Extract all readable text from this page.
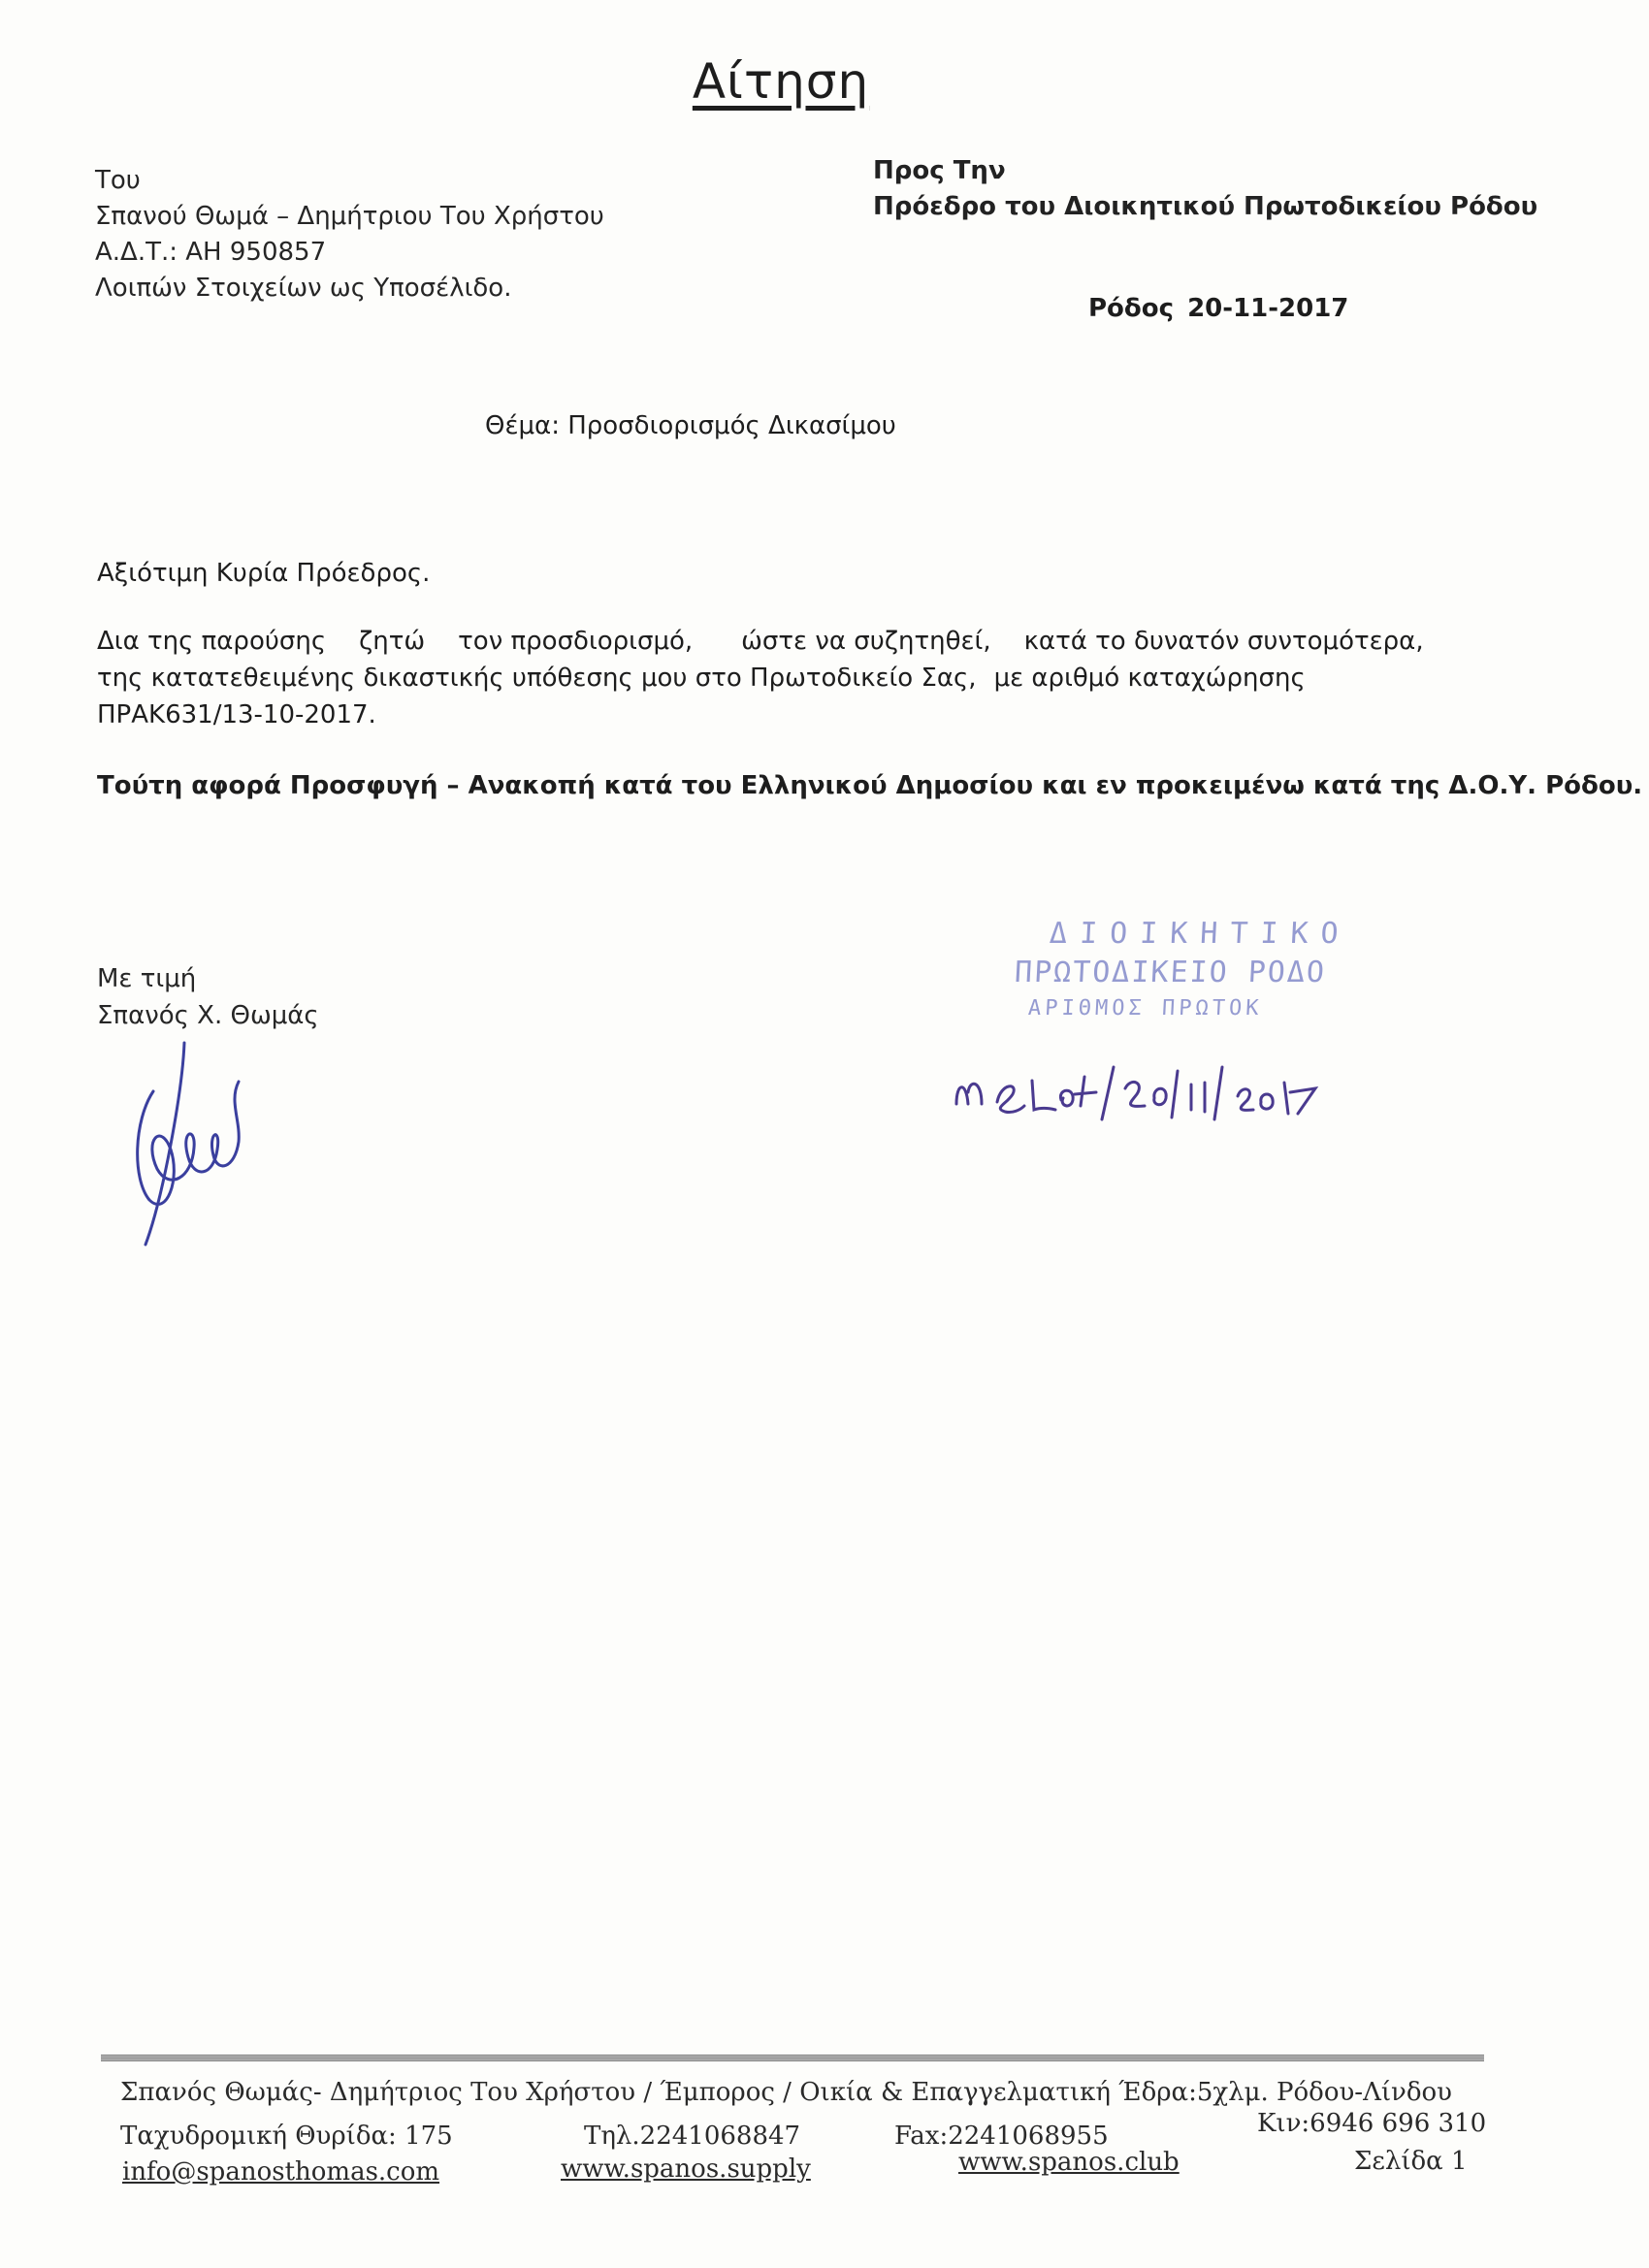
Αίτηση
Του
Σπανού Θωμά – Δημήτριου Του Χρήστου
Α.Δ.Τ.: ΑΗ 950857
Λοιπών Στοιχείων ως Υποσέλιδο.
Προς Την
Πρόεδρο του Διοικητικού Πρωτοδικείου Ρόδου
Ρόδος 20-11-2017
Θέμα: Προσδιορισμός Δικασίμου
Αξιότιμη Κυρία Πρόεδρος.
Δια της παρούσης ζητώ τον προσδιορισμό, ώστε να συζητηθεί, κατά το δυνατόν συντομότερα,
της κατατεθειμένης δικαστικής υπόθεσης μου στο Πρωτοδικείο Σας, με αριθμό καταχώρησης
ΠΡΑΚ631/13-10-2017.
Τούτη αφορά Προσφυγή – Ανακοπή κατά του Ελληνικού Δημοσίου και εν προκειμένω κατά της Δ.Ο.Υ. Ρόδου.
Με τιμή
Σπανός Χ. Θωμάς
ΔΙΟΙΚΗΤΙΚΟ
ΠΡΩΤΟΔΙΚΕΙΟ ΡΟΔΟ
ΑΡΙΘΜΟΣ ΠΡΩΤΟΚ
Σπανός Θωμάς- Δημήτριος Του Χρήστου / Έμπορος / Οικία & Επαγγελματική Έδρα:5χλμ. Ρόδου-Λίνδου
Ταχυδρομική Θυρίδα: 175	Τηλ.2241068847	Fax:2241068955	Κιν:6946 696 310
info@spanosthomas.com	www.spanos.supply	www.spanos.club	Σελίδα 1
